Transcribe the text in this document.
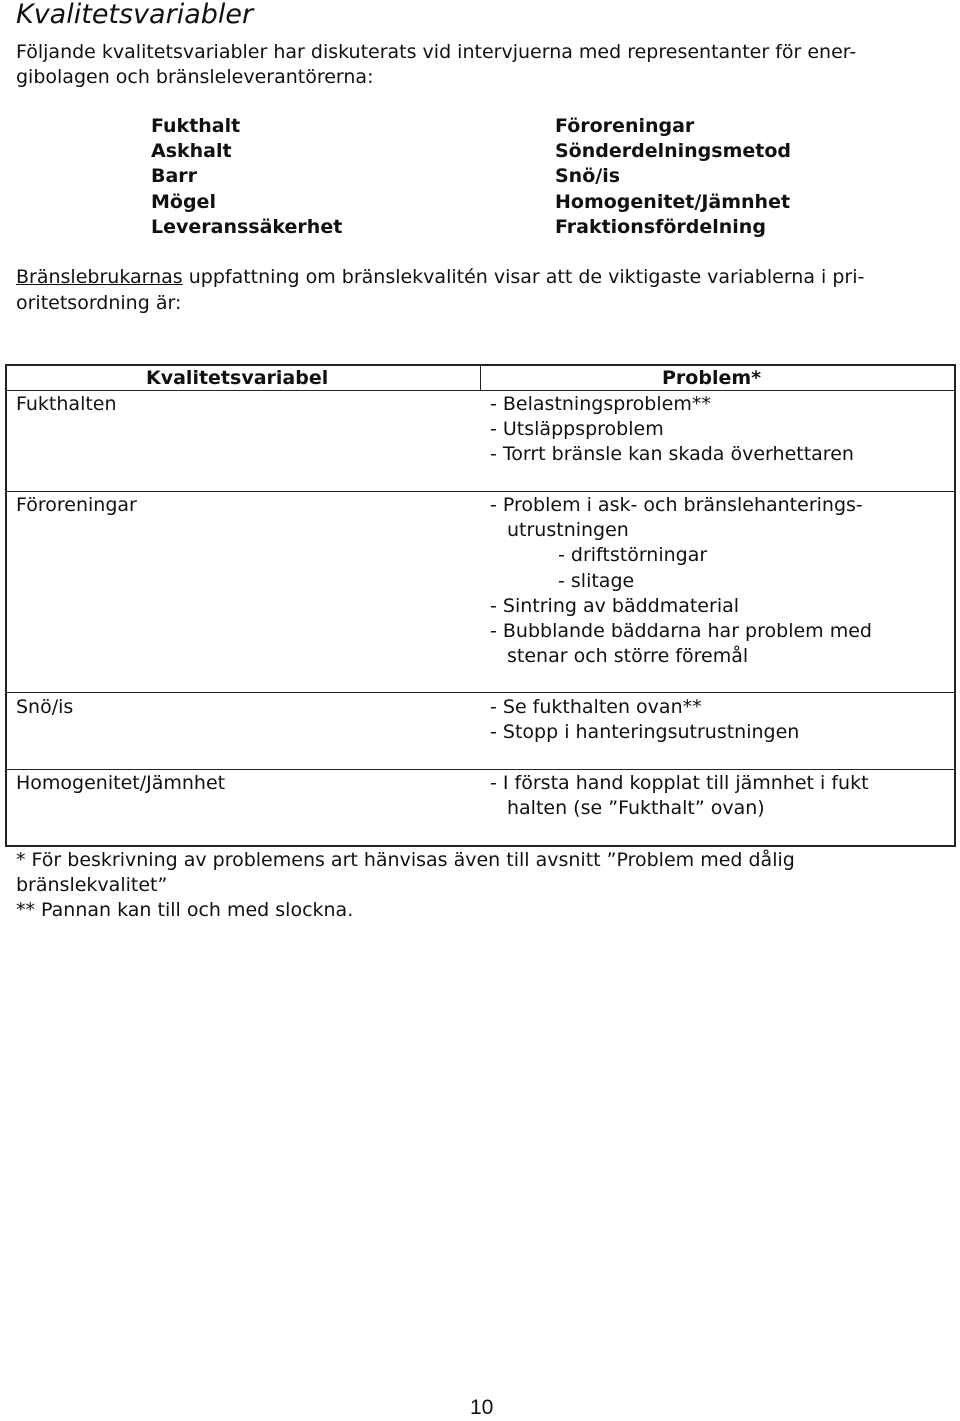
Kvalitetsvariabler
Följande kvalitetsvariabler har diskuterats vid intervjuerna med representanter för ener-
gibolagen och bränsleleverantörerna:
Fukthalt
Askhalt
Barr
Mögel
Leveranssäkerhet
Föroreningar
Sönderdelningsmetod
Snö/is
Homogenitet/Jämnhet
Fraktionsfördelning
Bränslebrukarnas uppfattning om bränslekvalitén visar att de viktigaste variablerna i pri-
oritetsordning är:
Kvalitetsvariabel	Problem*
Fukthalten	- Belastningsproblem**
- Utsläppsproblem
- Torrt bränsle kan skada överhettaren
Föroreningar	- Problem i ask- och bränslehanterings-
utrustningen
- driftstörningar
- slitage
- Sintring av bäddmaterial
- Bubblande bäddarna har problem med
stenar och större föremål
Snö/is	- Se fukthalten ovan**
- Stopp i hanteringsutrustningen
Homogenitet/Jämnhet	- I första hand kopplat till jämnhet i fukt
halten (se ”Fukthalt” ovan)
* För beskrivning av problemens art hänvisas även till avsnitt ”Problem med dålig
bränslekvalitet”
** Pannan kan till och med slockna.
10
